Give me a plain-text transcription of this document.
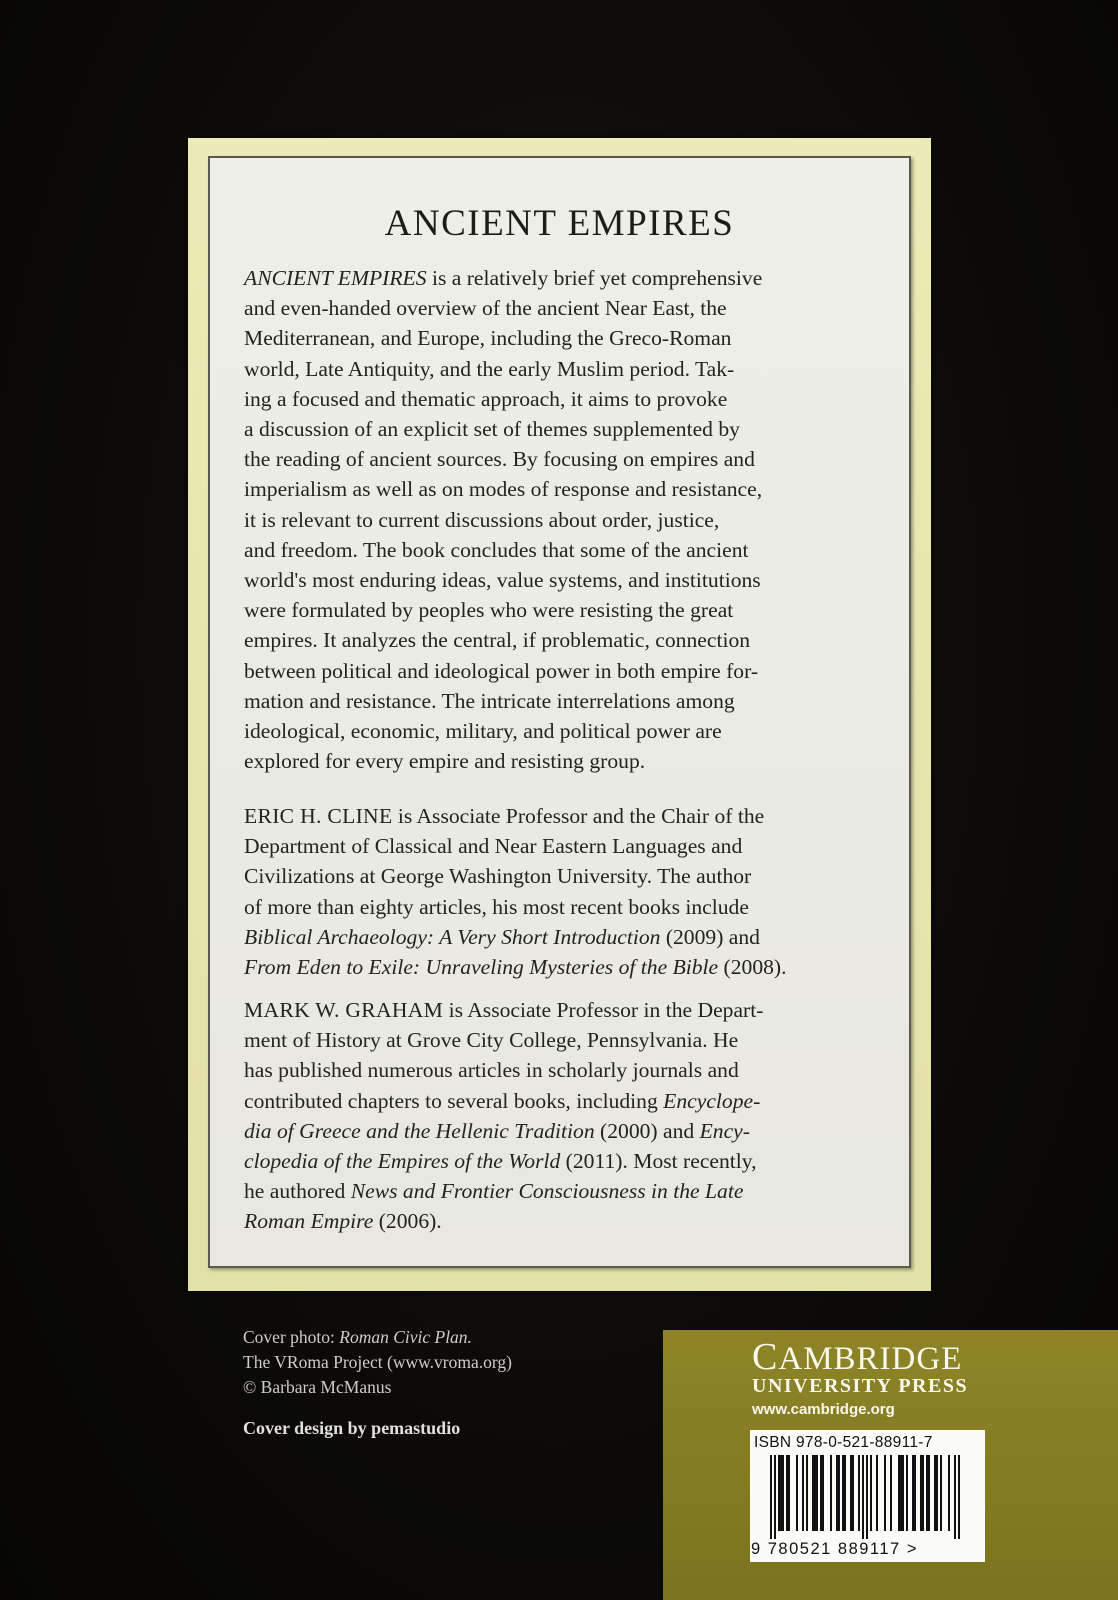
ANCIENT EMPIRES
ANCIENT EMPIRES is a relatively brief yet comprehensive
and even-handed overview of the ancient Near East, the
Mediterranean, and Europe, including the Greco-Roman
world, Late Antiquity, and the early Muslim period. Tak-
ing a focused and thematic approach, it aims to provoke
a discussion of an explicit set of themes supplemented by
the reading of ancient sources. By focusing on empires and
imperialism as well as on modes of response and resistance,
it is relevant to current discussions about order, justice,
and freedom. The book concludes that some of the ancient
world's most enduring ideas, value systems, and institutions
were formulated by peoples who were resisting the great
empires. It analyzes the central, if problematic, connection
between political and ideological power in both empire for-
mation and resistance. The intricate interrelations among
ideological, economic, military, and political power are
explored for every empire and resisting group.
ERIC H. CLINE is Associate Professor and the Chair of the
Department of Classical and Near Eastern Languages and
Civilizations at George Washington University. The author
of more than eighty articles, his most recent books include
Biblical Archaeology: A Very Short Introduction (2009) and
From Eden to Exile: Unraveling Mysteries of the Bible (2008).
MARK W. GRAHAM is Associate Professor in the Depart-
ment of History at Grove City College, Pennsylvania. He
has published numerous articles in scholarly journals and
contributed chapters to several books, including Encyclope-
dia of Greece and the Hellenic Tradition (2000) and Ency-
clopedia of the Empires of the World (2011). Most recently,
he authored News and Frontier Consciousness in the Late
Roman Empire (2006).
Cover photo: Roman Civic Plan.
The VRoma Project (www.vroma.org)
© Barbara McManus
Cover design by pemastudio
CAMBRIDGE
UNIVERSITY PRESS
www.cambridge.org
ISBN 978-0-521-88911-7
9 780521 889117 >
